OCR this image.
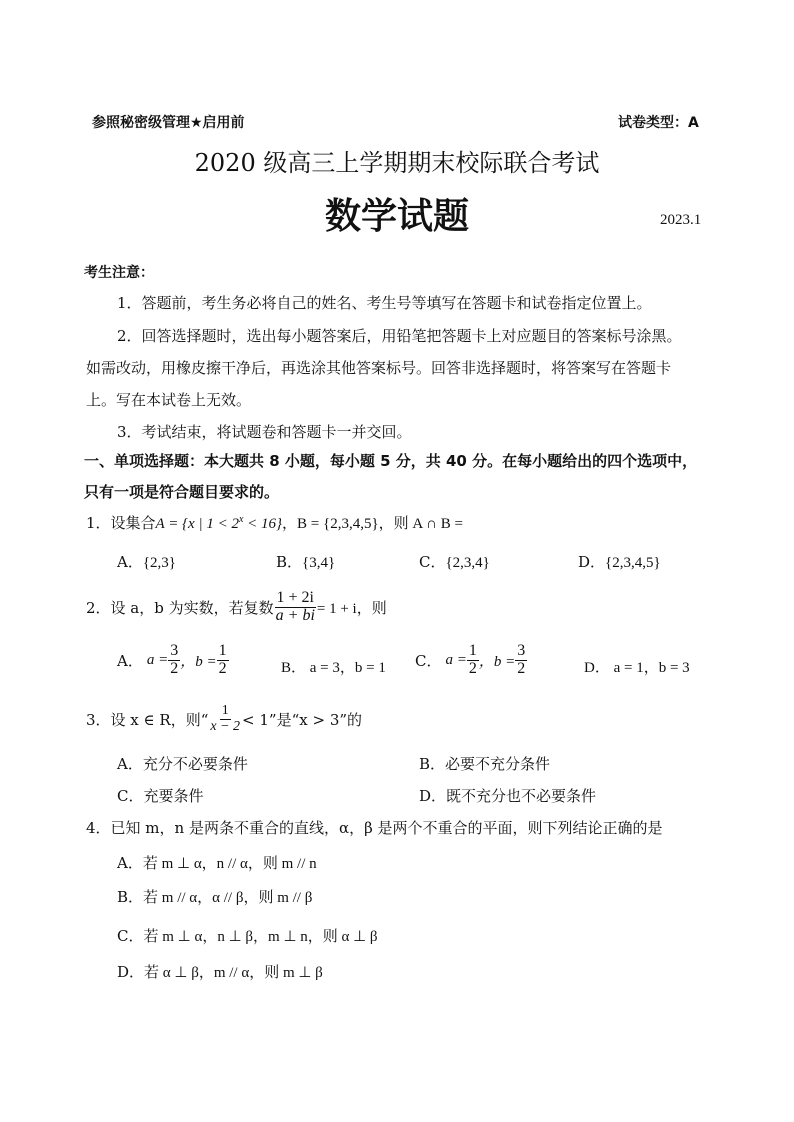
参照秘密级管理★启用前	试卷类型：A
2020 级高三上学期期末校际联合考试
数学试题	2023.1
考生注意：
1．答题前，考生务必将自己的姓名、考生号等填写在答题卡和试卷指定位置上。
2．回答选择题时，选出每小题答案后，用铅笔把答题卡上对应题目的答案标号涂黑。
如需改动，用橡皮擦干净后，再选涂其他答案标号。回答非选择题时，将答案写在答题卡
上。写在本试卷上无效。
3．考试结束，将试题卷和答题卡一并交回。
一、单项选择题：本大题共 8 小题，每小题 5 分，共 40 分。在每小题给出的四个选项中，
只有一项是符合题目要求的。
1．设集合A = {x | $1 < 2^x < 16$}，B = {2,3,4,5}，则 A ∩ B =
A．{2,3}	B．{3,4}	C．{2,3,4}	D．{2,3,4,5}
2．设 a，b 为实数，若复数 $\frac{1 + 2i}{a + bi} = 1 + i$，则
A． $a = \frac{3}{2}$ ，$b = \frac{1}{2}$	B． a = 3，b = 1 C． $a = \frac{1}{2}$ ，$b = \frac{3}{2}$	D． a = 1，b = 3
3．设 x ∈ R，则“ $\frac{1}{x - 2} < 1$”是“x > 3”的
A．充分不必要条件	B．必要不充分条件
C．充要条件	D．既不充分也不必要条件
4．已知 m，n 是两条不重合的直线，α，β 是两个不重合的平面，则下列结论正确的是
A．若 m ⊥ α，n // α，则 m // n
B．若 m // α，α // β，则 m // β
C．若 m ⊥ α，n ⊥ β，m ⊥ n，则 α ⊥ β
D．若 α ⊥ β，m // α，则 m ⊥ β
